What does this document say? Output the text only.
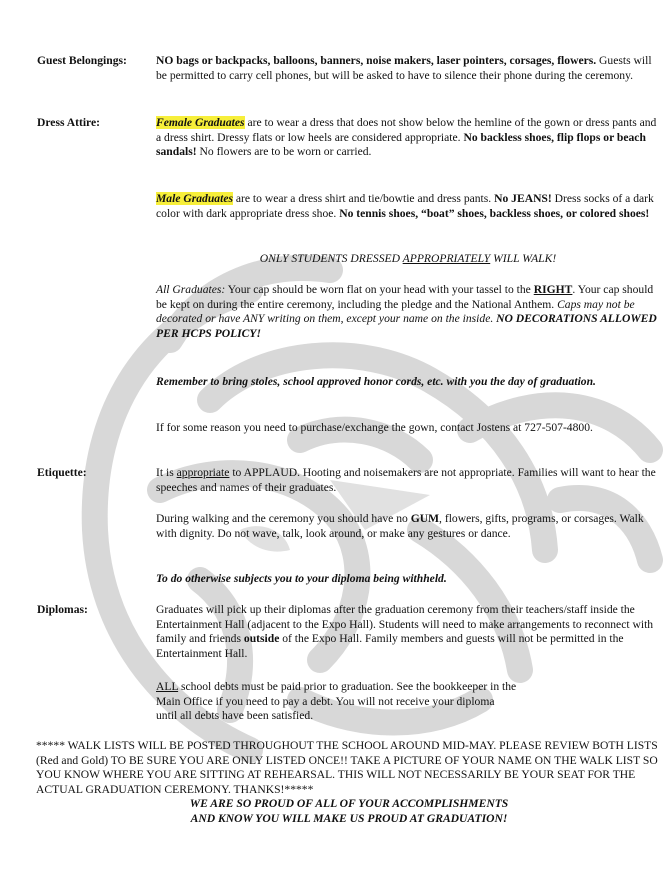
Guest Belongings:	NO bags or backpacks, balloons, banners, noise makers, laser pointers, corsages, flowers. Guests will be permitted to carry cell phones, but will be asked to have to silence their phone during the ceremony.

Dress Attire:	Female Graduates are to wear a dress that does not show below the hemline of the gown or dress pants and a dress shirt. Dressy flats or low heels are considered appropriate. No backless shoes, flip flops or beach sandals! No flowers are to be worn or carried.

Male Graduates are to wear a dress shirt and tie/bowtie and dress pants. No JEANS! Dress socks of a dark color with dark appropriate dress shoe. No tennis shoes, “boat” shoes, backless shoes, or colored shoes!

ONLY STUDENTS DRESSED APPROPRIATELY WILL WALK!

All Graduates: Your cap should be worn flat on your head with your tassel to the RIGHT. Your cap should be kept on during the entire ceremony, including the pledge and the National Anthem. Caps may not be decorated or have ANY writing on them, except your name on the inside. NO DECORATIONS ALLOWED PER HCPS POLICY!

Remember to bring stoles, school approved honor cords, etc. with you the day of graduation.

If for some reason you need to purchase/exchange the gown, contact Jostens at 727-507-4800.

Etiquette:	It is appropriate to APPLAUD. Hooting and noisemakers are not appropriate. Families will want to hear the speeches and names of their graduates.

During walking and the ceremony you should have no GUM, flowers, gifts, programs, or corsages. Walk with dignity. Do not wave, talk, look around, or make any gestures or dance.

To do otherwise subjects you to your diploma being withheld.

Diplomas:	Graduates will pick up their diplomas after the graduation ceremony from their teachers/staff inside the Entertainment Hall (adjacent to the Expo Hall). Students will need to make arrangements to reconnect with family and friends outside of the Expo Hall. Family members and guests will not be permitted in the Entertainment Hall.

ALL school debts must be paid prior to graduation. See the bookkeeper in the

Main Office if you need to pay a debt. You will not receive your diploma

until all debts have been satisfied.

***** WALK LISTS WILL BE POSTED THROUGHOUT THE SCHOOL AROUND MID-MAY. PLEASE REVIEW BOTH LISTS (Red and Gold) TO BE SURE YOU ARE ONLY LISTED ONCE!! TAKE A PICTURE OF YOUR NAME ON THE WALK LIST SO YOU KNOW WHERE YOU ARE SITTING AT REHEARSAL. THIS WILL NOT NECESSARILY BE YOUR SEAT FOR THE ACTUAL GRADUATION CEREMONY. THANKS!*****

WE ARE SO PROUD OF ALL OF YOUR ACCOMPLISHMENTS

AND KNOW YOU WILL MAKE US PROUD AT GRADUATION!
